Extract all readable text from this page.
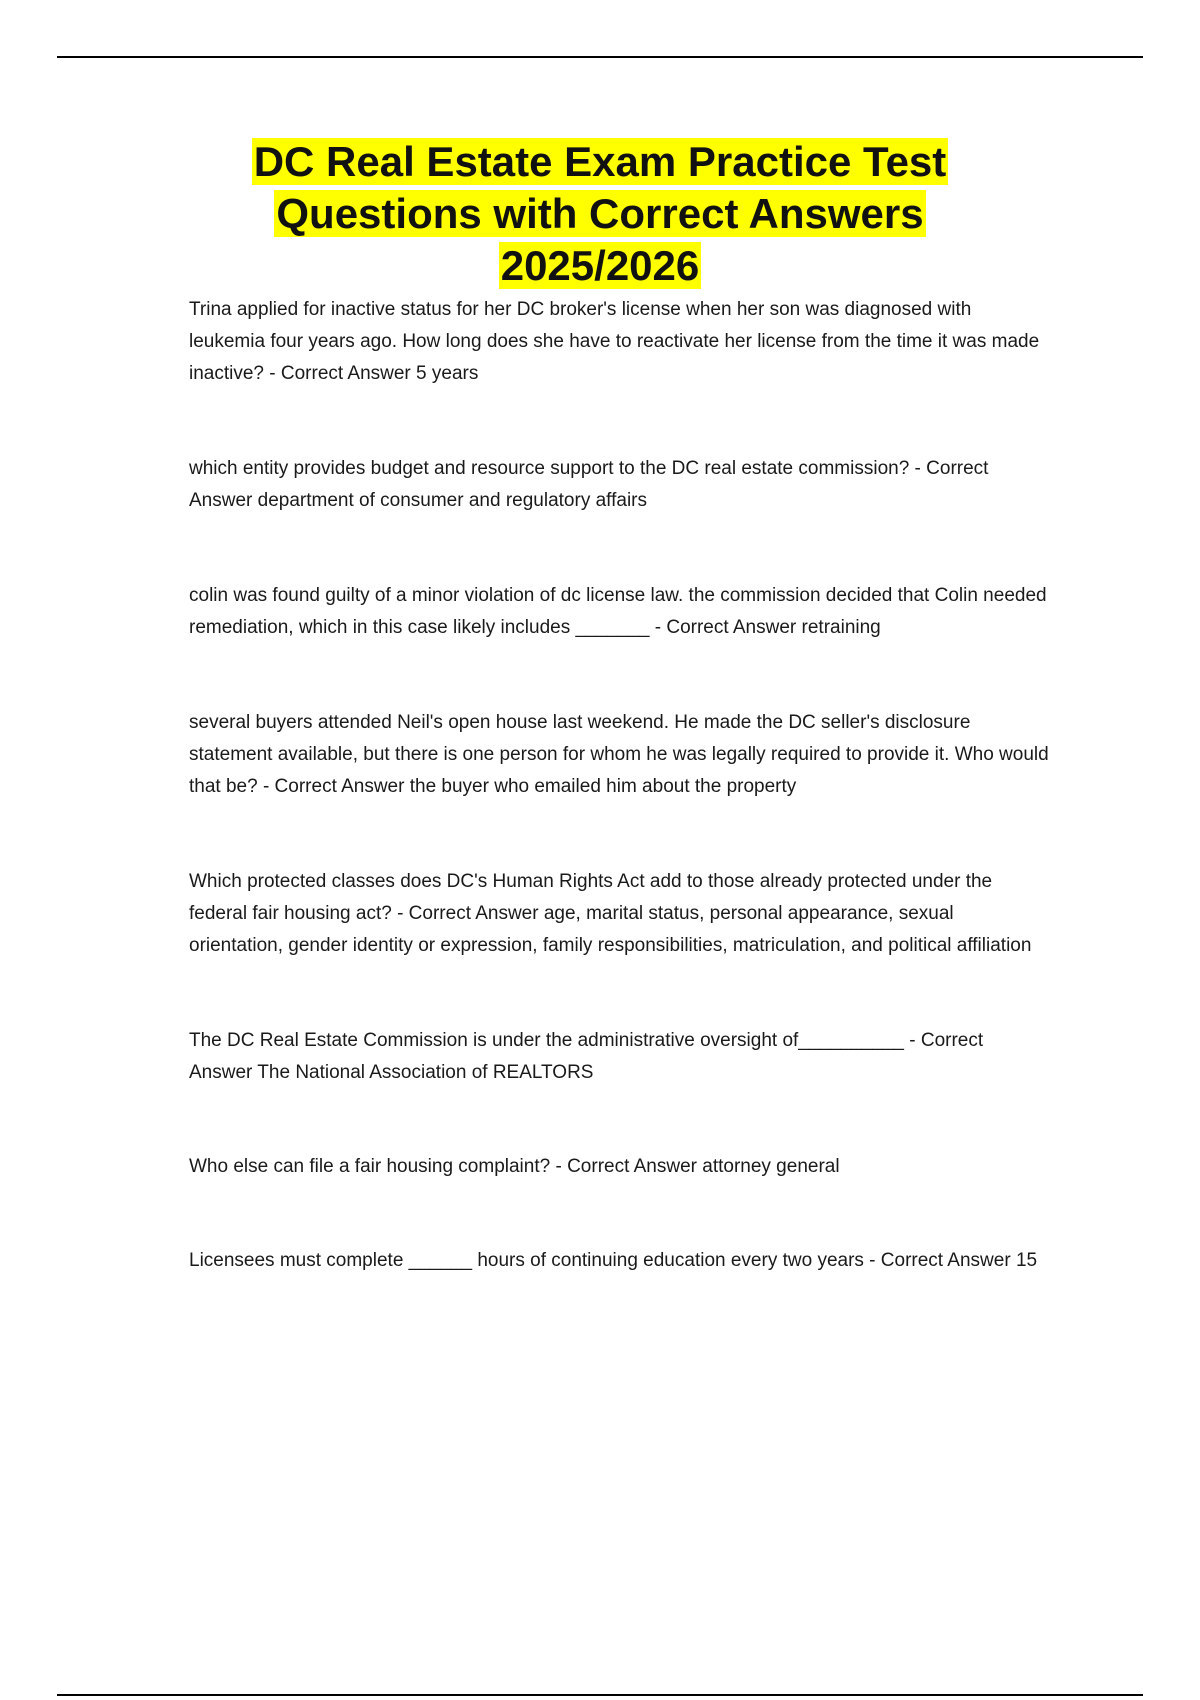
DC Real Estate Exam Practice Test Questions with Correct Answers 2025/2026

Trina applied for inactive status for her DC broker's license when her son was diagnosed with leukemia four years ago. How long does she have to reactivate her license from the time it was made inactive? - Correct Answer 5 years

which entity provides budget and resource support to the DC real estate commission? - Correct Answer department of consumer and regulatory affairs

colin was found guilty of a minor violation of dc license law. the commission decided that Colin needed remediation, which in this case likely includes _______ - Correct Answer retraining

several buyers attended Neil's open house last weekend. He made the DC seller's disclosure statement available, but there is one person for whom he was legally required to provide it. Who would that be? - Correct Answer the buyer who emailed him about the property

Which protected classes does DC's Human Rights Act add to those already protected under the federal fair housing act? - Correct Answer age, marital status, personal appearance, sexual orientation, gender identity or expression, family responsibilities, matriculation, and political affiliation

The DC Real Estate Commission is under the administrative oversight of__________ - Correct Answer The National Association of REALTORS

Who else can file a fair housing complaint? - Correct Answer attorney general

Licensees must complete ______ hours of continuing education every two years - Correct Answer 15
